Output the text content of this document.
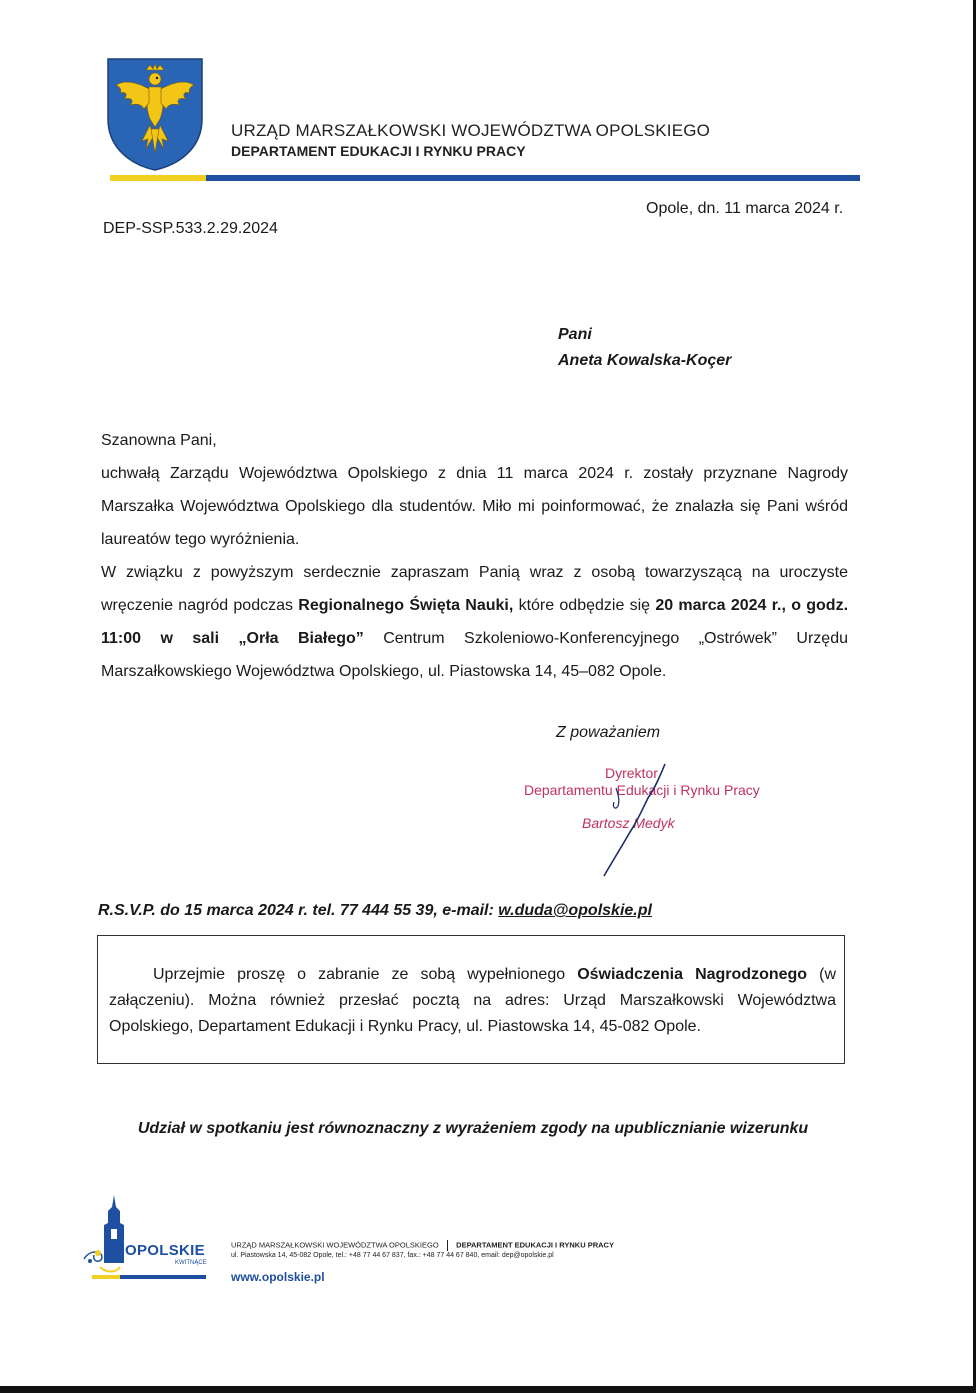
URZĄD MARSZAŁKOWSKI WOJEWÓDZTWA OPOLSKIEGO
DEPARTAMENT EDUKACJI I RYNKU PRACY
Opole, dn. 11 marca 2024 r.
DEP-SSP.533.2.29.2024
Pani
Aneta Kowalska-Koçer

Szanowna Pani,

uchwałą Zarządu Województwa Opolskiego z dnia 11 marca 2024 r. zostały przyznane Nagrody Marszałka Województwa Opolskiego dla studentów. Miło mi poinformować, że znalazła się Pani wśród laureatów tego wyróżnienia.

W związku z powyższym serdecznie zapraszam Panią wraz z osobą towarzyszącą na uroczyste wręczenie nagród podczas Regionalnego Święta Nauki, które odbędzie się 20 marca 2024 r., o godz. 11:00 w sali „Orła Białego” Centrum Szkoleniowo-Konferencyjnego „Ostrówek” Urzędu Marszałkowskiego Województwa Opolskiego, ul. Piastowska 14, 45–082 Opole.

Z poważaniem
Dyrektor
Departamentu Edukacji i Rynku Pracy
Bartosz Medyk
R.S.V.P. do 15 marca 2024 r. tel. 77 444 55 39, e-mail: w.duda@opolskie.pl

Uprzejmie proszę o zabranie ze sobą wypełnionego Oświadczenia Nagrodzonego (w załączeniu). Można również przesłać pocztą na adres: Urząd Marszałkowski Województwa Opolskiego, Departament Edukacji i Rynku Pracy, ul. Piastowska 14, 45-082 Opole.

Udział w spotkaniu jest równoznaczny z wyrażeniem zgody na upublicznianie wizerunku
OPOLSKIE
KWITNĄCE
URZĄD MARSZAŁKOWSKI WOJEWÓDZTWA OPOLSKIEGO DEPARTAMENT EDUKACJI I RYNKU PRACY
ul. Piastowska 14, 45-082 Opole, tel.: +48 77 44 67 837, fax.: +48 77 44 67 840, email: dep@opolskie.pl
www.opolskie.pl
